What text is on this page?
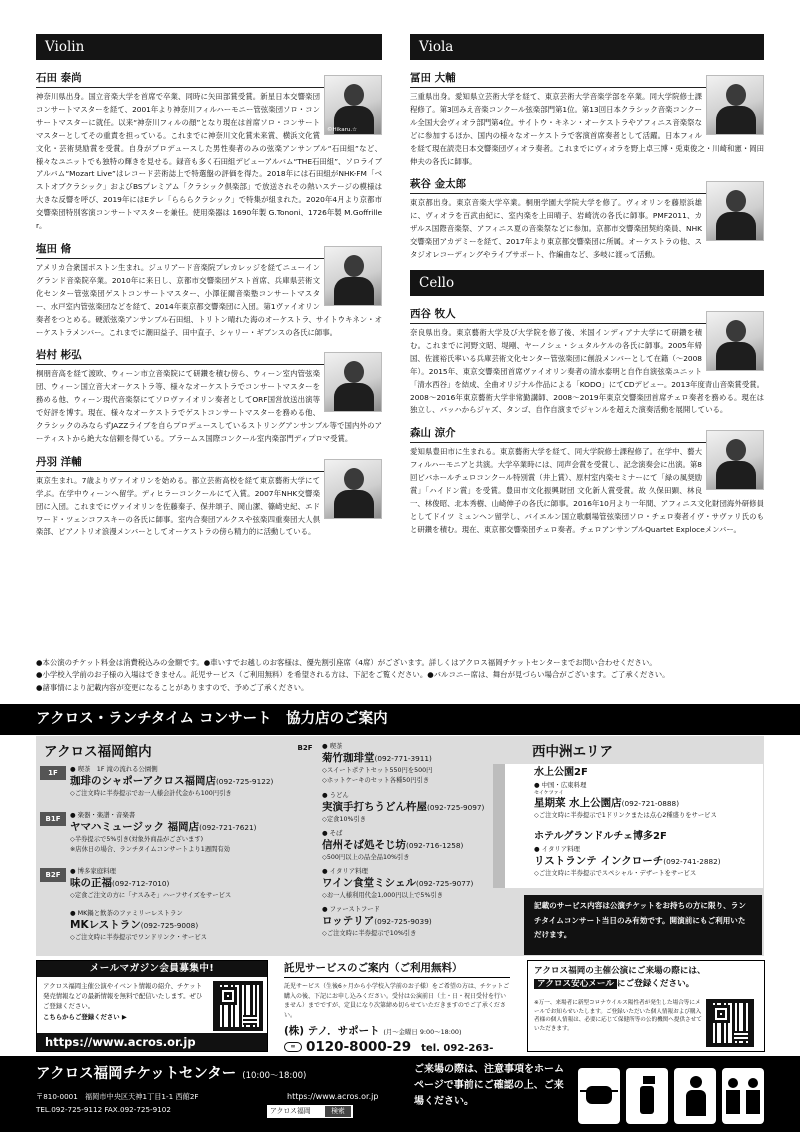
Violin
石田 泰尚
©Hikaru.☆
神奈川県出身。国立音楽大学を首席で卒業、同時に矢田部賞受賞。新星日本交響楽団コンサートマスターを経て、2001年より神奈川フィルハーモニー管弦楽団ソロ・コンサートマスターに就任。以来“神奈川フィルの顔”となり現在は首席ソロ・コンサートマスターとしてその重責を担っている。これまでに神奈川文化賞未来賞、横浜文化賞文化・芸術奨励賞を受賞。自身がプロデュースした男性奏者のみの弦楽アンサンブル“石田組”など、様々なユニットでも独特の輝きを見せる。録音も多く石田組デビューアルバム“THE石田組”、ソロライブアルバム“Mozart Live”はレコード芸術誌上で特選盤の評価を得た。2018年には石田組がNHK-FM「ベストオブクラシック」およびBSプレミアム「クラシック倶楽部」で放送されその熱いステージの模様は大きな反響を呼び、2019年にはEテレ「らららクラシック」で特集が組まれた。2020年4月より京都市交響楽団特別客演コンサートマスターを兼任。使用楽器は 1690年製 G.Tononi、1726年製 M.Goffriller。
塩田 脩
アメリカ合衆国ボストン生まれ。ジュリアード音楽院プレカレッジを経てニューイングランド音楽院卒業。2010年に来日し、京都市交響楽団ゲスト首席、兵庫県芸術文化センター管弦楽団ゲストコンサートマスター、小澤征爾音楽塾コンサートマスター、水戸室内管弦楽団などを経て、2014年東京都交響楽団に入団。第1ヴァイオリン奏者をつとめる。硬派弦楽アンサンブル石田組、トリトン晴れた海のオーケストラ、サイトウキネン・オーケストラメンバー。これまでに潮田益子、田中直子、シャリー・ギブンスの各氏に師事。
岩村 彬弘
桐朋音高を経て渡欧、ウィーン市立音楽院にて研鑽を積む傍ら、ウィーン室内管弦楽団、ウィーン国立音大オーケストラ等、様々なオーケストラでコンサートマスターを務める他、ウィーン現代音楽祭にてソロヴァイオリン奏者としてORF国営放送出演等で好評を博す。現在、様々なオーケストラでゲストコンサートマスターを務める他、クラシックのみならずJAZZライブを自らプロデュースしているストリングアンサンブル等で国内外のアーティストから絶大な信頼を得ている。ブラームス国際コンクール室内楽部門ディプロマ受賞。
丹羽 洋輔
東京生まれ。7歳よりヴァイオリンを始める。都立芸術高校を経て東京藝術大学にて学ぶ。在学中ウィーンへ留学。ディヒラーコンクールにて入賞。2007年NHK交響楽団に入団。これまでにヴァイオリンを佐藤秦子、保井頌子、岡山潔、篠崎史紀、エドワード・ツェンコフスキーの各氏に師事。室内合奏団アルクスや弦楽四重奏団大人倶楽部、ピアノトリオ浪漫メンバーとしてオーケストラの傍ら精力的に活動している。
Viola
冨田 大輔
三重県出身。愛知県立芸術大学を経て、東京芸術大学音楽学部を卒業。同大学院修士課程修了。第3回みえ音楽コンクール弦楽部門第1位。第13回日本クラシック音楽コンクール全国大会ヴィオラ部門第4位。サイトウ・キネン・オーケストラやアフィニス音楽祭などに参加するほか、国内の様々なオーケストラで客演首席奏者として活躍。日本フィルを経て現在読売日本交響楽団ヴィオラ奏者。これまでにヴィオラを野上卓三博・兎東俊之・川崎和憲・岡田伸夫の各氏に師事。
萩谷 金太郎
東京都出身。東京音楽大学卒業。桐朋学園大学院大学を修了。ヴィオリンを藤原浜雄に、ヴィオラを百武由紀に、室内楽を上田晴子、岩崎洸の各氏に師事。PMF2011、カザルス国際音楽祭、アフィニス夏の音楽祭などに参加。京都市交響楽団契約楽員、NHK交響楽団アカデミーを経て、2017年より東京都交響楽団に所属。オーケストラの他、スタジオレコーディングやライブサポート、作編曲など、多岐に渡って活動。
Cello
西谷 牧人
奈良県出身。東京藝術大学及び大学院を修了後、米国インディアナ大学にて研鑽を積む。これまでに河野文昭、堤剛、ヤーノシュ・シュタルケルの各氏に師事。2005年帰国、佐渡裕氏率いる兵庫芸術文化センター管弦楽団に創設メンバーとして在籍（〜2008年）。2015年、東京交響楽団首席ヴァイオリン奏者の清水泰明と自作自演弦楽ユニット「清水西谷」を結成、全曲オリジナル作品による「KODO」にてCDデビュー。2013年度青山音楽賞受賞。2008〜2016年東京藝術大学非常勤講師、2008〜2019年東京交響楽団首席チェロ奏者を務める。現在は独立し、バッハからジャズ、タンゴ、自作自演までジャンルを超えた演奏活動を展開している。
森山 涼介
愛知県豊田市に生まれる。東京藝術大学を経て、同大学院修士課程修了。在学中、藝大フィルハーモニアと共演。大学卒業時には、同声会賞を受賞し、記念演奏会に出演。第8回ビバホールチェロコンクール特別賞（井上賞）、原村室内楽セミナーにて「緑の風奨励賞」「ハイドン賞」を受賞。豊田市文化振興財団 文化新人賞受賞。故 久保田顕、林良一、林俊昭、北本秀樹、山崎伸子の各氏に師事。2016年10月より一年間、アフィニス文化財団海外研修員としてドイツ ミュンヘン留学し、バイエルン国立歌劇場管弦楽団ソロ・チェロ奏者イヴ・サヴァリ氏のもと研鑽を積む。現在、東京都交響楽団チェロ奏者。チェロアンサンブルQuartet Exploceメンバー。
●本公演のチケット料金は消費税込みの金額です。●車いすでお越しのお客様は、優先割引座席（4席）がございます。詳しくはアクロス福岡チケットセンターまでお問い合わせください。
●小学校入学前のお子様の入場はできません。託児サービス（ご利用無料）を希望される方は、下記をご覧ください。●バルコニー席は、舞台が見づらい場合がございます。ご了承ください。
●諸事情により記載内容が変更になることがありますので、予めご了承ください。
アクロス・ランチタイム コンサート　協力店のご案内
アクロス福岡館内
1F	● 喫茶　1F 滝の流れる公園側
珈琲のシャポーアクロス福岡店(092-725-9122)
◇ご注文時に半券提示でお一人様会計代金から100円引き
B1F	● 楽器・楽譜・音楽書
ヤマハミュージック 福岡店(092-721-7621)
◇半券提示で5%引き(対象外商品がございます)
※店休日の場合、ランチタイムコンサートより1週間有効
B2F	● 博多家庭料理
味の正福(092-712-7010)
◇定食ご注文の方に「ナスみそ」ハーフサイズをサービス
● MK鍋と飲茶のファミリーレストラン
MKレストラン(092-725-9008)
◇ご注文時に半券提示でワンドリンク・サービス
B2F	● 喫茶
菊竹珈琲堂(092-771-3911)
◇スイートポテトセット550円を500円
◇ホットケーキのセット各種50円引き
● うどん
実演手打ちうどん杵屋(092-725-9097)
◇定食10%引き
● そば
信州そば処そじ坊(092-716-1258)
◇500円以上の品全品10%引き
● イタリア料理
ワイン食堂ミシェル(092-725-9077)
◇お一人様利用代金1,000円以上で5%引き
● ファーストフード
ロッテリア(092-725-9039)
◇ご注文時に半券提示で10%引き
西中洲エリア
水上公園2F
● 中国・広東料理
セイケツァイ
星期菜 水上公園店(092-721-0888)
◇ご注文時に半券提示で1ドリンクまたは点心2種盛りをサービス
ホテルグランドルチェ博多2F
● イタリア料理
リストランテ インクローチ(092-741-2882)
◇ご注文時に半券提示でスペシャル・デザートをサービス
記載のサービス内容は公演チケットをお持ちの方に限り、ランチタイムコンサート当日のみ有効です。開演前にもご利用いただけます。
メールマガジン会員募集中!
アクロス福岡主催公演やイベント情報の紹介、チケット発売情報などの最新情報を無料で配信いたします。ぜひご登録ください。
こちらからご登録ください ▶
https://www.acros.or.jp
託児サービスのご案内（ご利用無料）
託児サービス（生後6ヶ月から小学校入学前のお子様）をご希望の方は、チケットご購入の後、下記にお申し込みください。受付は公演前日（土・日・祝日受付を行いません）までですが、定員になり次第締め切らせていただきますのでご了承ください。
(株) テノ．サポート (月〜金曜日 9:00〜18:00)
∞ 0120-8000-29 tel. 092-263-
アクロス福岡の主催公演にご来場の際には、
アクロス安心メール にご登録ください。
※万一、来場者に新型コロナウイルス陽性者が発生した場合等にメールでお知らせいたします。ご登録いただいた個人情報および購入者様の個人情報は、必要に応じて保健所等の公的機関へ提供させていただきます。
アクロス福岡チケットセンター (10:00〜18:00)
〒810-0001　福岡市中央区天神1丁目1-1 西館2F
TEL.092-725-9112 FAX.092-725-9102
https://www.acros.or.jp
アクロス福岡	検索
ご来場の際は、注意事項をホームページで事前にご確認の上、ご来場ください。
